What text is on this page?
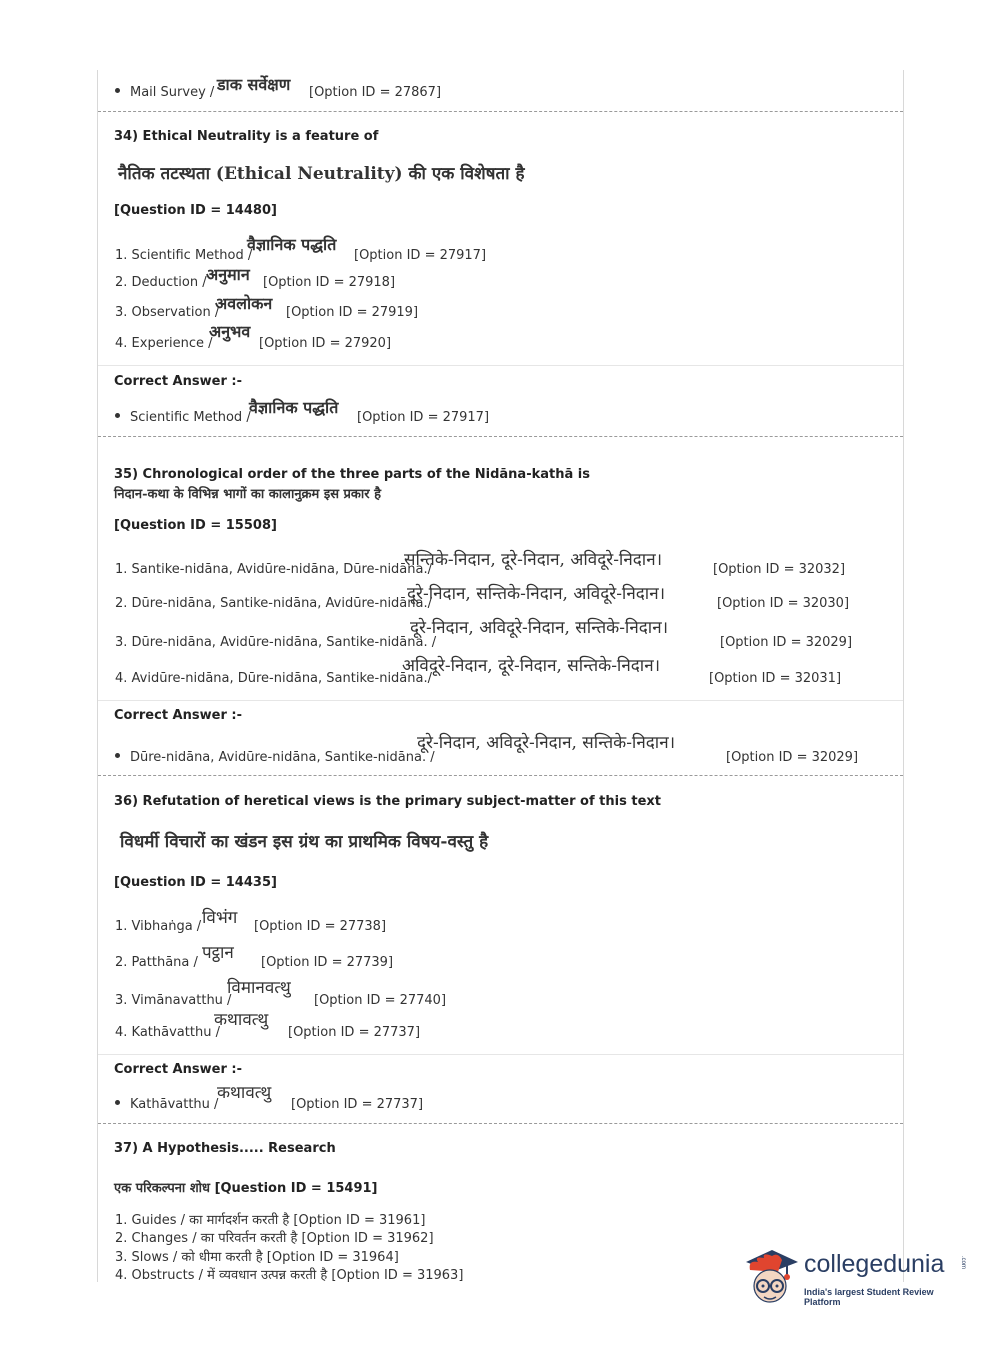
Mail Survey / डाक सर्वेक्षण [Option ID = 27867]
34) Ethical Neutrality is a feature of
नैतिक तटस्थता (Ethical Neutrality) की एक विशेषता है
[Question ID = 14480]
1. Scientific Method /
वैज्ञानिक पद्धति
[Option ID = 27917]
2. Deduction / अनुमान [Option ID = 27918]
3. Observation /
अवलोकन [Option ID = 27919]
4. Experience /
अनुभव
[Option ID = 27920]
Correct Answer :-
Scientific Method /
वैज्ञानिक पद्धति
[Option ID = 27917]
35) Chronological order of the three parts of the Nidāna-kathā is
निदान-कथा के विभिन्न भागों का कालानुक्रम इस प्रकार है
[Question ID = 15508]
1. Santike-nidāna, Avidūre-nidāna, Dūre-nidāna./
सन्तिके-निदान, दूरे-निदान, अविदूरे-निदान।	[Option ID = 32032]
2. Dūre-nidāna, Santike-nidāna, Avidūre-nidāna./
दूरे-निदान, सन्तिके-निदान, अविदूरे-निदान।	[Option ID = 32030]
3. Dūre-nidāna, Avidūre-nidāna, Santike-nidāna. /
दूरे-निदान, अविदूरे-निदान, सन्तिके-निदान।
[Option ID = 32029]
4. Avidūre-nidāna, Dūre-nidāna, Santike-nidāna./
अविदूरे-निदान, दूरे-निदान, सन्तिके-निदान।
[Option ID = 32031]
Correct Answer :-
Dūre-nidāna, Avidūre-nidāna, Santike-nidāna. /
दूरे-निदान, अविदूरे-निदान, सन्तिके-निदान।
[Option ID = 32029]
36) Refutation of heretical views is the primary subject-matter of this text
विधर्मी विचारों का खंडन इस ग्रंथ का प्राथमिक विषय-वस्तु है
[Question ID = 14435]
1. Vibhaṅga / विभंग [Option ID = 27738]
2. Patthāna / पट्ठान [Option ID = 27739]
3. Vimānavatthu /
विमानवत्थु
[Option ID = 27740]
4. Kathāvatthu /
कथावत्थु
[Option ID = 27737]
Correct Answer :-
Kathāvatthu /
कथावत्थु
[Option ID = 27737]
37) A Hypothesis..... Research
एक परिकल्पना शोध [Question ID = 15491]
1. Guides / का मार्गदर्शन करती है [Option ID = 31961]
2. Changes / का परिवर्तन करती है [Option ID = 31962]
3. Slows / को धीमा करती है [Option ID = 31964]
4. Obstructs / में व्यवधान उत्पन्न करती है [Option ID = 31963]	collegedunia	.com
India's largest Student Review Platform
